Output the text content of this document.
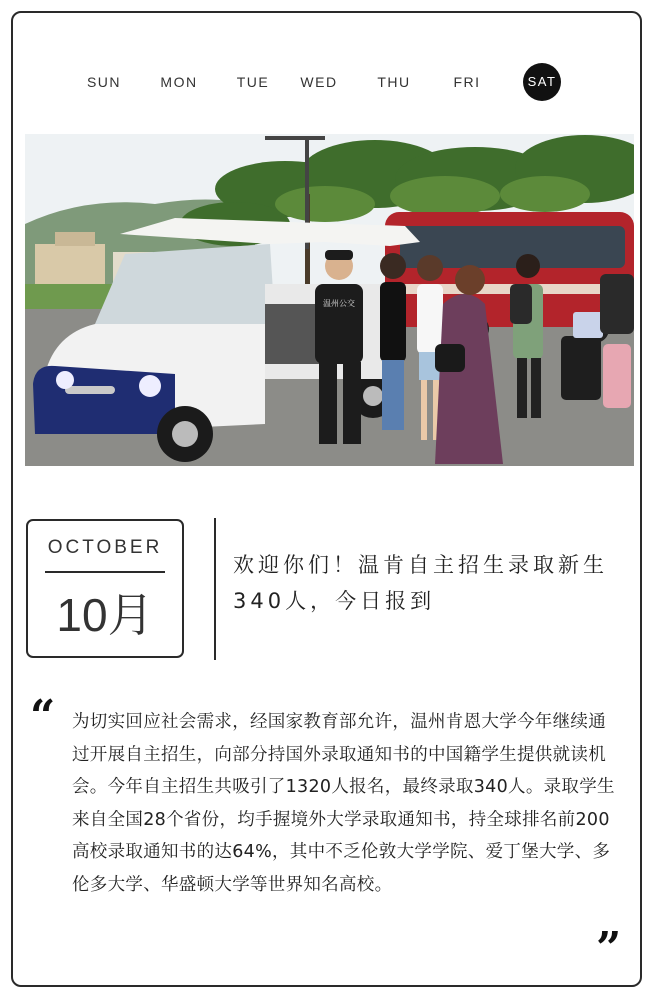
SUN	MON	TUE	WED	THU	FRI	SAT
温州公交
OCTOBER
10月
欢迎你们！温肯自主招生录取新生340人，今日报到
“ 为切实回应社会需求，经国家教育部允许，温州肯恩大学今年继续通过开展自主招生，向部分持国外录取通知书的中国籍学生提供就读机会。今年自主招生共吸引了1320人报名，最终录取340人。录取学生来自全国28个省份，均手握境外大学录取通知书，持全球排名前200高校录取通知书的达64%，其中不乏伦敦大学学院、爱丁堡大学、多伦多大学、华盛顿大学等世界知名高校。

”
